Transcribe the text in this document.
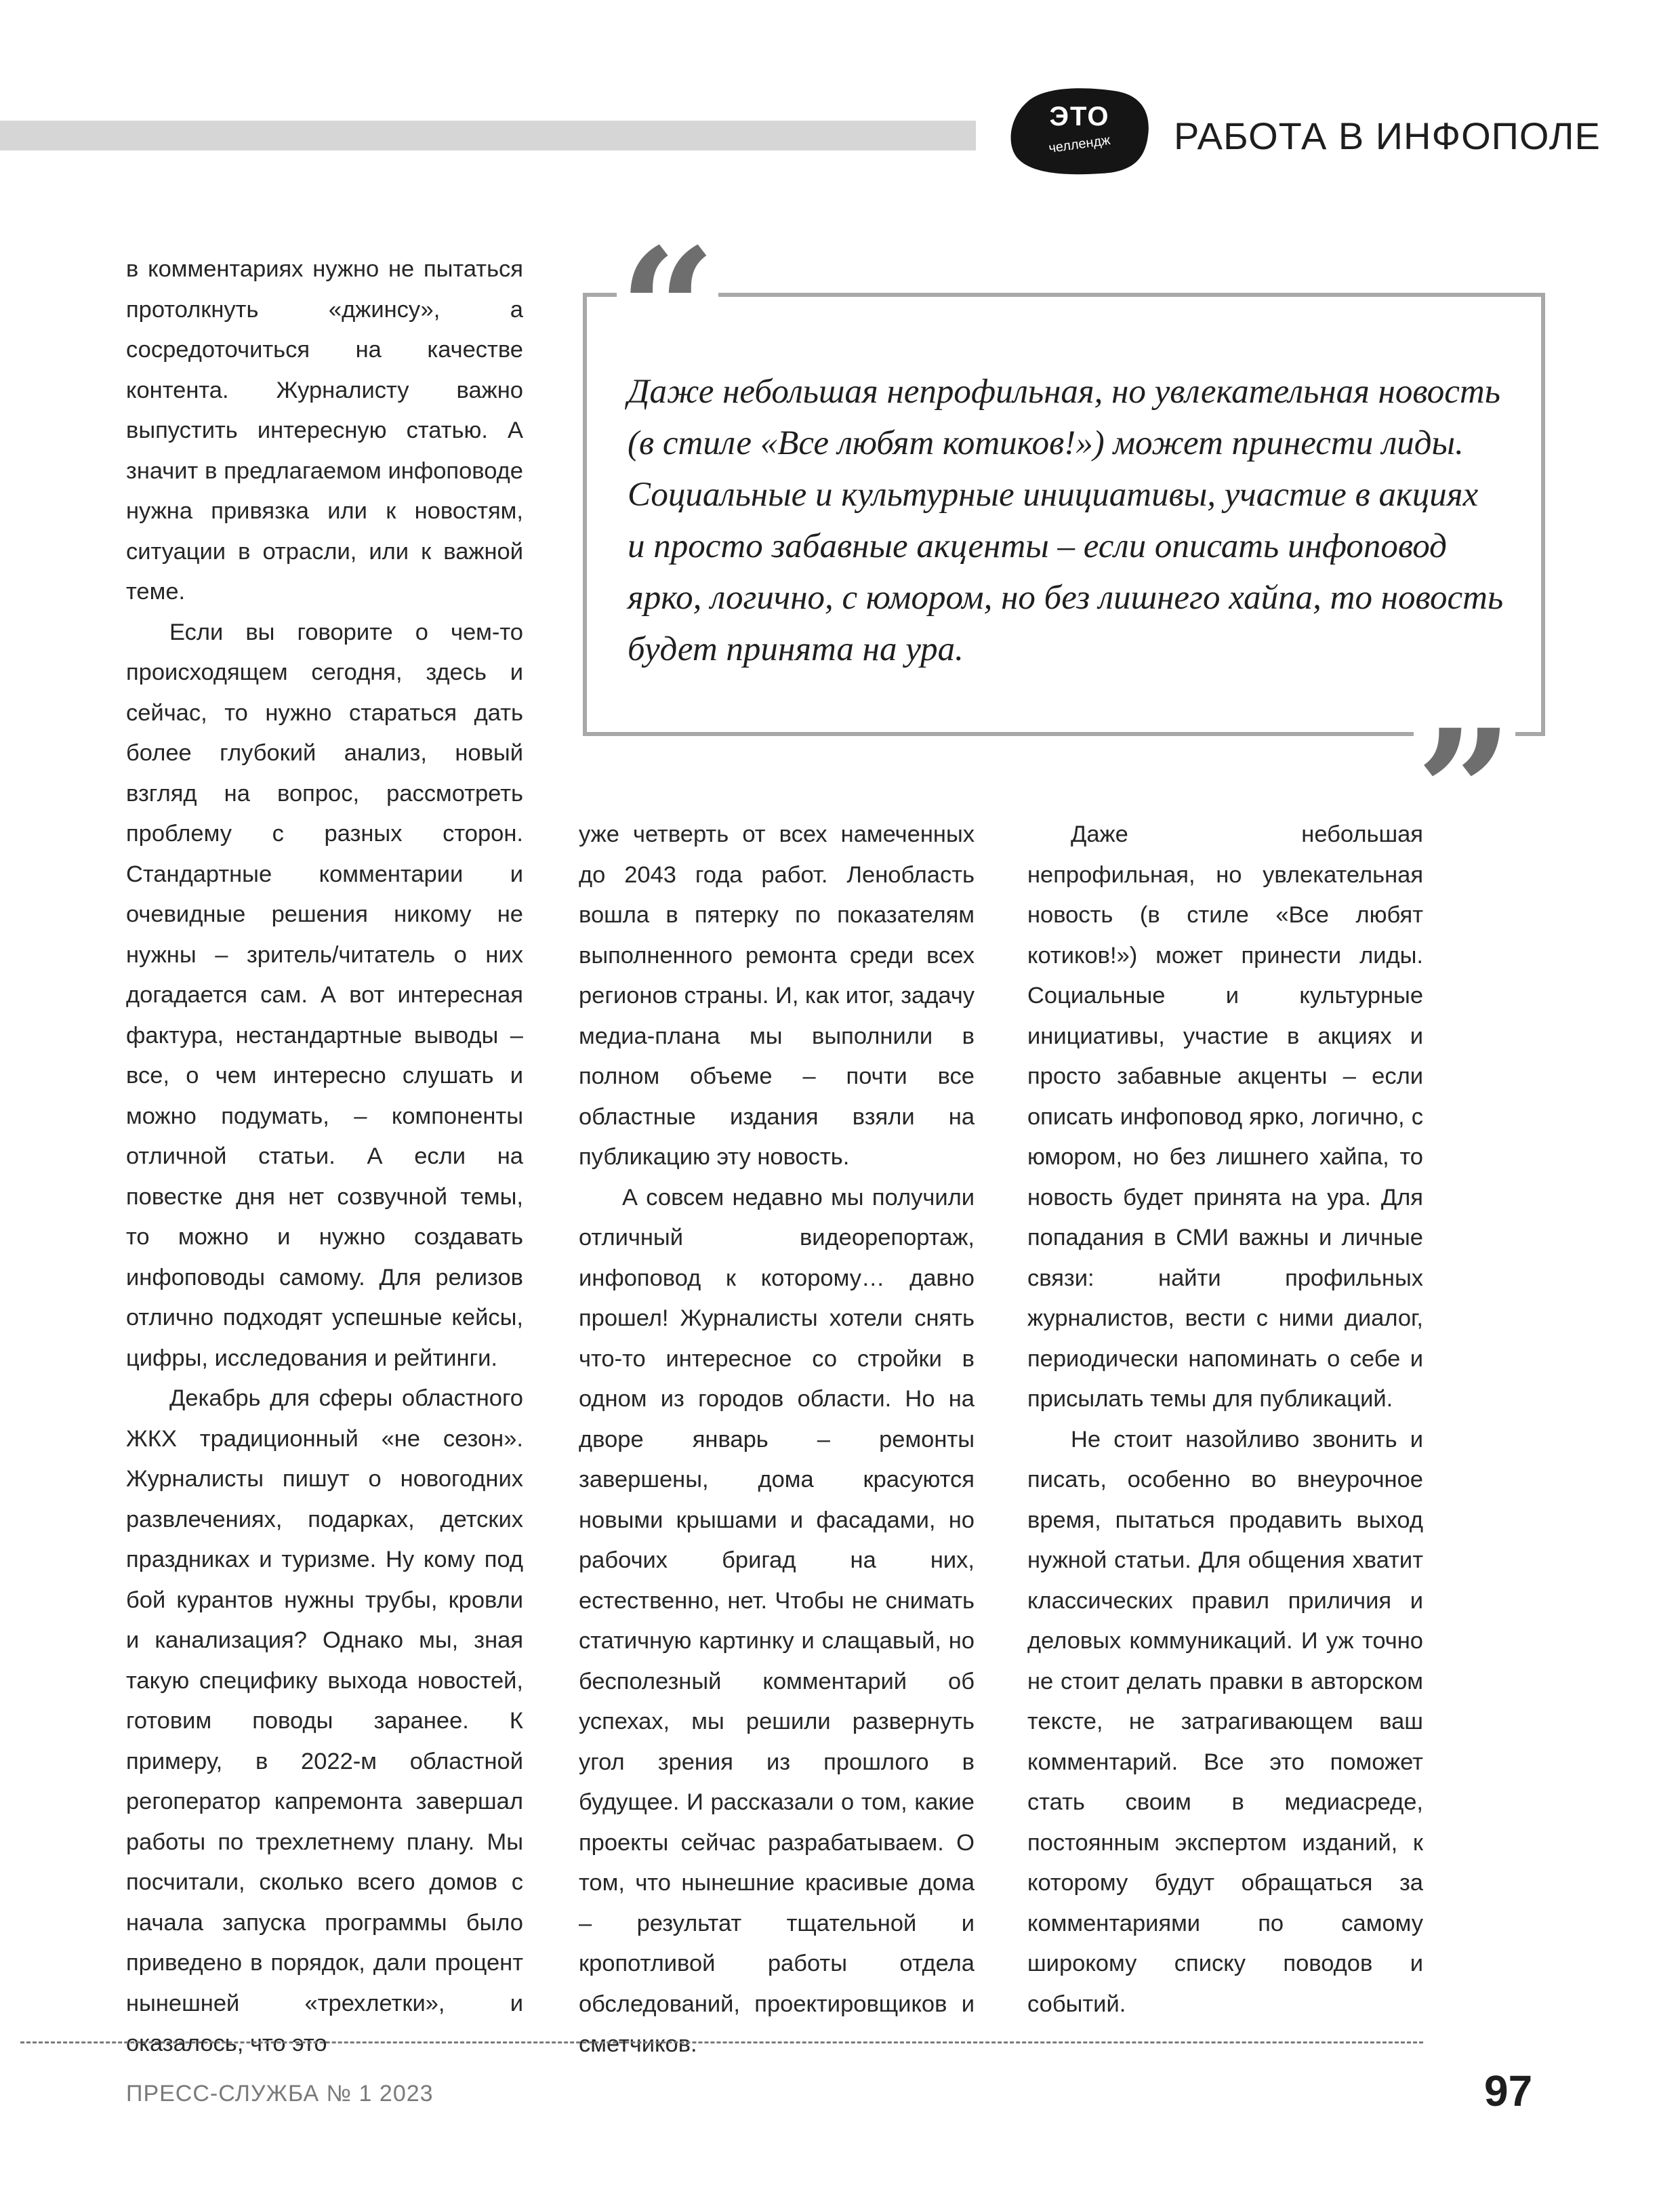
ЭТО
челлендж	РАБОТА В ИНФОПОЛЕ

в комментариях нужно не пытаться протолкнуть «джинсу», а сосредоточиться на качестве контента. Журналисту важно выпустить интересную статью. А значит в предлагаемом инфоповоде нужна привязка или к новостям, ситуации в отрасли, или к важной теме.

Если вы говорите о чем-то происходящем сегодня, здесь и сейчас, то нужно стараться дать более глубокий анализ, новый взгляд на вопрос, рассмотреть проблему с разных сторон. Стандартные комментарии и очевидные решения никому не нужны – зритель/читатель о них догадается сам. А вот интересная фактура, нестандартные выводы – все, о чем интересно слушать и можно подумать, – компоненты отличной статьи. А если на повестке дня нет созвучной темы, то можно и нужно создавать инфоповоды самому. Для релизов отлично подходят успешные кейсы, цифры, исследования и рейтинги.

Декабрь для сферы областного ЖКХ традиционный «не сезон». Журналисты пишут о новогодних развлечениях, подарках, детских праздниках и туризме. Ну кому под бой курантов нужны трубы, кровли и канализация? Однако мы, зная такую специфику выхода новостей, готовим поводы заранее. К примеру, в 2022-м областной регоператор капремонта завершал работы по трехлетнему плану. Мы посчитали, сколько всего домов с начала запуска программы было приведено в порядок, дали процент нынешней «трехлетки», и оказалось, что это

“
”
Даже небольшая непрофильная, но увлекательная новость
(в стиле «Все любят котиков!») может принести лиды.
Социальные и культурные инициативы, участие в акциях
и просто забавные акценты – если описать инфоповод
ярко, логично, с юмором, но без лишнего хайпа, то новость
будет принята на ура.

уже четверть от всех намеченных до 2043 года работ. Ленобласть вошла в пятерку по показателям выполненного ремонта среди всех регионов страны. И, как итог, задачу медиа-плана мы выполнили в полном объеме – почти все областные издания взяли на публикацию эту новость.

А совсем недавно мы получили отличный видеорепортаж, инфоповод к которому… давно прошел! Журналисты хотели снять что-то интересное со стройки в одном из городов области. Но на дворе январь – ремонты завершены, дома красуются новыми крышами и фасадами, но рабочих бригад на них, естественно, нет. Чтобы не снимать статичную картинку и слащавый, но бесполезный комментарий об успехах, мы решили развернуть угол зрения из прошлого в будущее. И рассказали о том, какие проекты сейчас разрабатываем. О том, что нынешние красивые дома – результат тщательной и кропотливой работы отдела обследований, проектировщиков и сметчиков.

Даже небольшая непрофильная, но увлекательная новость (в стиле «Все любят котиков!») может принести лиды. Социальные и культурные инициативы, участие в акциях и просто забавные акценты – если описать инфоповод ярко, логично, с юмором, но без лишнего хайпа, то новость будет принята на ура. Для попадания в СМИ важны и личные связи: найти профильных журналистов, вести с ними диалог, периодически напоминать о себе и присылать темы для публикаций.

Не стоит назойливо звонить и писать, особенно во внеурочное время, пытаться продавить выход нужной статьи. Для общения хватит классических правил приличия и деловых коммуникаций. И уж точно не стоит делать правки в авторском тексте, не затрагивающем ваш комментарий. Все это поможет стать своим в медиасреде, постоянным экспертом изданий, к которому будут обращаться за комментариями по самому широкому списку поводов и событий.

ПРЕСС-СЛУЖБА № 1 2023	97
